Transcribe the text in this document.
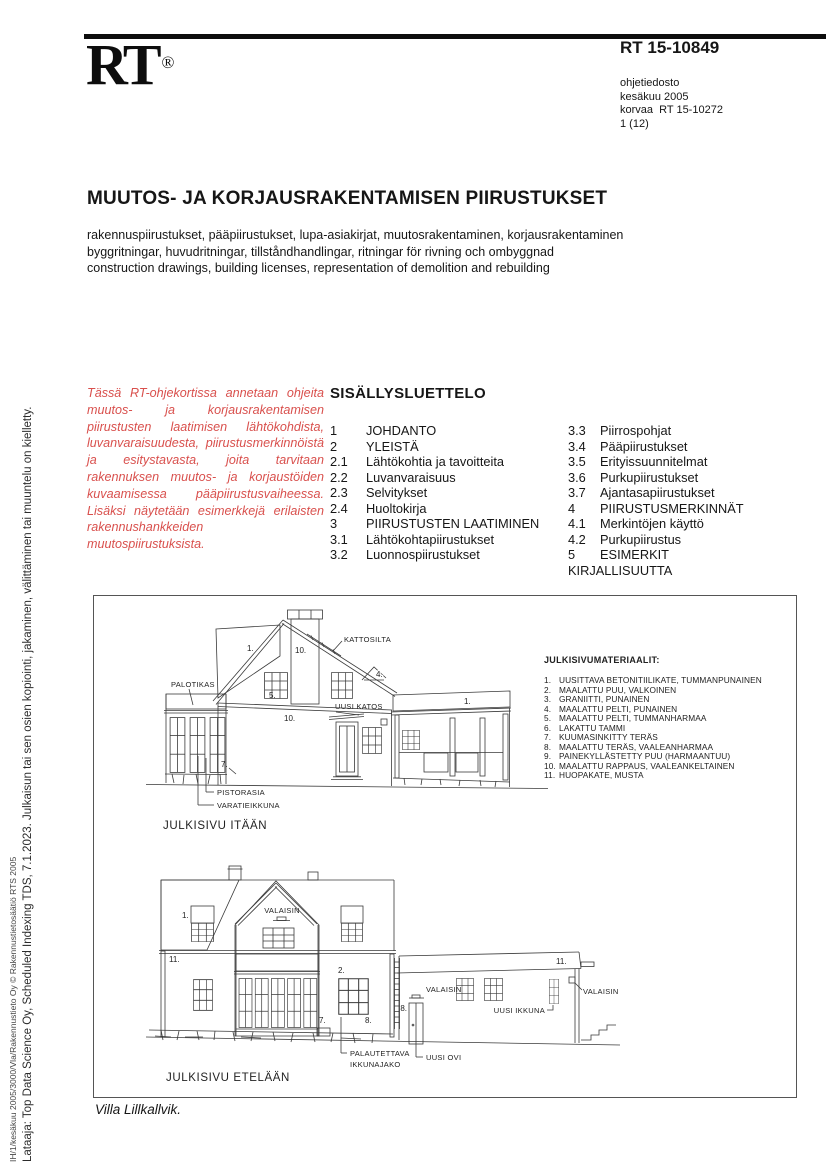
IH/1/kesäkuu 2005/3000/Vla/Rakennustieto Oy © Rakennustietosäätiö RTS 2005 Lataaja: Top Data Science Oy, Scheduled Indexing TDS, 7.1.2023. Julkaisun tai sen osien kopiointi, jakaminen, välittäminen tai muuntelu on kielletty.
RT ®
RT 15-10849
ohjetiedosto
kesäkuu 2005
korvaa  RT 15-10272
1 (12)
MUUTOS- JA KORJAUSRAKENTAMISEN PIIRUSTUKSET
rakennuspiirustukset, pääpiirustukset, lupa-asiakirjat, muutosrakentaminen, korjausrakentaminen
byggritningar, huvudritningar, tillståndhandlingar, ritningar för rivning och ombyggnad
construction drawings, building licenses, representation of demolition and rebuilding
Tässä RT-ohjekortissa annetaan ohjeita muutos- ja korjausrakentamisen piirustusten laatimisen lähtökohdista, luvanvaraisuudesta, piirustusmerkinnöistä ja esitystavasta, joita tarvitaan rakennuksen muutos- ja korjaustöiden kuvaamisessa pääpiirustusvaiheessa. Lisäksi näytetään esimerkkejä erilaisten rakennushankkeiden muutospiirustuksista.
SISÄLLYSLUETTELO
1	JOHDANTO
2	YLEISTÄ
2.1	Lähtökohtia ja tavoitteita
2.2	Luvanvaraisuus
2.3	Selvitykset
2.4	Huoltokirja
3	PIIRUSTUSTEN LAATIMINEN
3.1	Lähtökohtapiirustukset
3.2	Luonnospiirustukset
3.3	Piirrospohjat
3.4	Pääpiirustukset
3.5	Erityissuunnitelmat
3.6	Purkupiirustukset
3.7	Ajantasapiirustukset
4	PIIRUSTUSMERKINNÄT
4.1	Merkintöjen käyttö
4.2	Purkupiirustus
5	ESIMERKIT
KIRJALLISUUTTA
KATTOSILTA
PALOTIKAS
UUSI KATOS
PISTORASIA
VARATIEIKKUNA
1.	10.
5.
10.
4.
1.
7.
JULKISIVU ITÄÄN
JULKISIVUMATERIAALIT:
1. UUSITTAVA BETONITIILIKATE, TUMMANPUNAINEN
2. MAALATTU PUU, VALKOINEN
3. GRANIITTI, PUNAINEN
4. MAALATTU PELTI, PUNAINEN
5. MAALATTU PELTI, TUMMANHARMAA
6. LAKATTU TAMMI
7. KUUMASINKITTY TERÄS
8. MAALATTU TERÄS, VAALEANHARMAA
9. PAINEKYLLÄSTETTY PUU (HARMAANTUU)
10. MAALATTU RAPPAUS, VAALEANKELTAINEN
11. HUOPAKATE, MUSTA
VALAISIN
VALAISIN	VALAISIN
UUSI IKKUNA
UUSI OVI
PALAUTETTAVA
IKKUNAJAKO
1.
11.	11.
2.
7.	8.
8.
JULKISIVU ETELÄÄN
Villa Lillkallvik.
